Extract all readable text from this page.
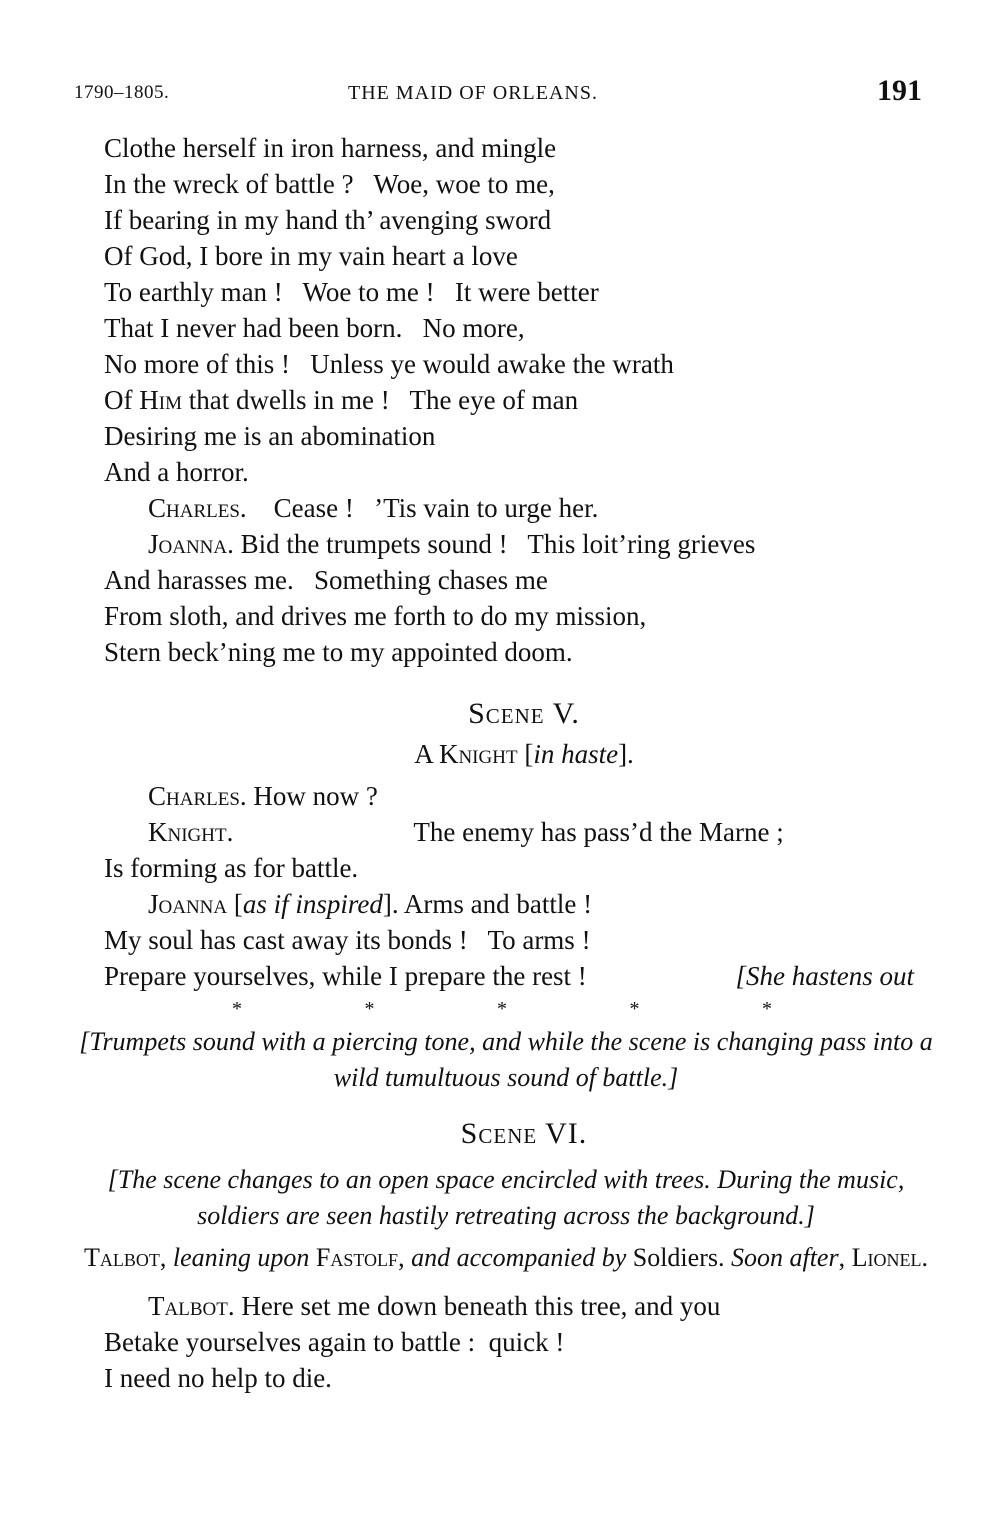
1790–1805.	THE MAID OF ORLEANS.	191
Clothe herself in iron harness, and mingle
In the wreck of battle ?   Woe, woe to me,
If bearing in my hand th’ avenging sword
Of God, I bore in my vain heart a love
To earthly man !   Woe to me !   It were better
That I never had been born.   No more,
No more of this !   Unless ye would awake the wrath
Of Him that dwells in me !   The eye of man
Desiring me is an abomination
And a horror.
Charles.    Cease !   ’Tis vain to urge her.
Joanna. Bid the trumpets sound !   This loit’ring grieves
And harasses me.   Something chases me
From sloth, and drives me forth to do my mission,
Stern beck’ning me to my appointed doom.
Scene V.
A Knight [in haste].
Charles. How now ?
Knight.	The enemy has pass’d the Marne ;
Is forming as for battle.
Joanna [as if inspired]. Arms and battle !
My soul has cast away its bonds !   To arms !
Prepare yourselves, while I prepare the rest !	[She hastens out
*	*	*	*	*
[Trumpets sound with a piercing tone, and while the scene is changing pass into a wild tumultuous sound of battle.]
Scene VI.
[The scene changes to an open space encircled with trees. During the music, soldiers are seen hastily retreating across the background.]
Talbot, leaning upon Fastolf, and accompanied by Soldiers. Soon after, Lionel.
Talbot. Here set me down beneath this tree, and you
Betake yourselves again to battle :  quick !
I need no help to die.
